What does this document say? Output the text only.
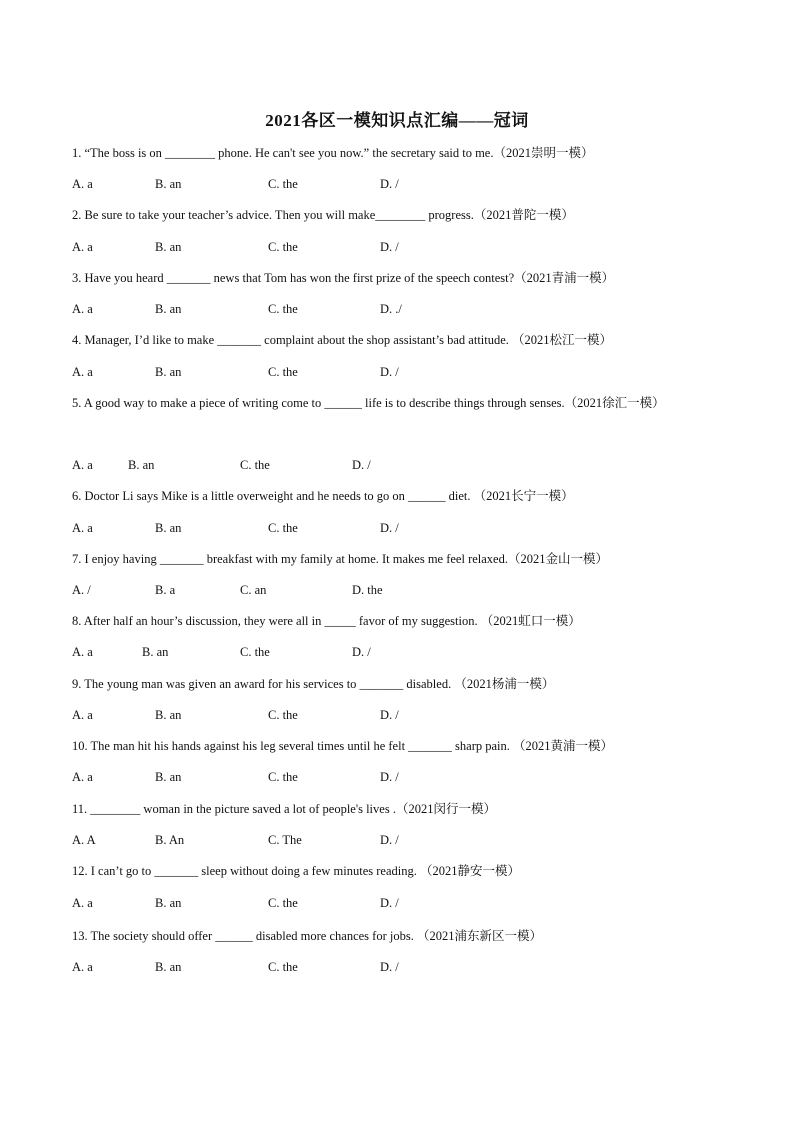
2021各区一模知识点汇编——冠词
1. “The boss is on ________ phone. He can't see you now.” the secretary said to me.（2021崇明一模）
A. a	B. an	C. the	D. /
2. Be sure to take your teacher’s advice. Then you will make________ progress.（2021普陀一模）
A. a	B. an	C. the	D. /
3. Have you heard _______ news that Tom has won the first prize of the speech contest?（2021青浦一模）
A. a	B. an	C. the	D. ./
4. Manager, I’d like to make _______ complaint about the shop assistant’s bad attitude. （2021松江一模）
A. a	B. an	C. the	D. /
5. A good way to make a piece of writing come to ______ life is to describe things through senses.（2021徐汇一模）
A. a	B. an	C. the	D. /
6. Doctor Li says Mike is a little overweight and he needs to go on ______ diet. （2021长宁一模）
A. a	B. an	C. the	D. /
7. I enjoy having _______ breakfast with my family at home. It makes me feel relaxed.（2021金山一模）
A. /	B. a	C. an	D. the
8. After half an hour’s discussion, they were all in _____ favor of my suggestion. （2021虹口一模）
A. a	B. an	C. the	D. /
9. The young man was given an award for his services to _______ disabled. （2021杨浦一模）
A. a	B. an	C. the	D. /
10. The man hit his hands against his leg several times until he felt _______ sharp pain. （2021黄浦一模）
A. a	B. an	C. the	D. /
11. ________ woman in the picture saved a lot of people's lives .（2021闵行一模）
A. A	B. An	C. The	D. /
12. I can’t go to _______ sleep without doing a few minutes reading. （2021静安一模）
A. a	B. an	C. the	D. /
13. The society should offer ______ disabled more chances for jobs. （2021浦东新区一模）
A. a	B. an	C. the	D. /
